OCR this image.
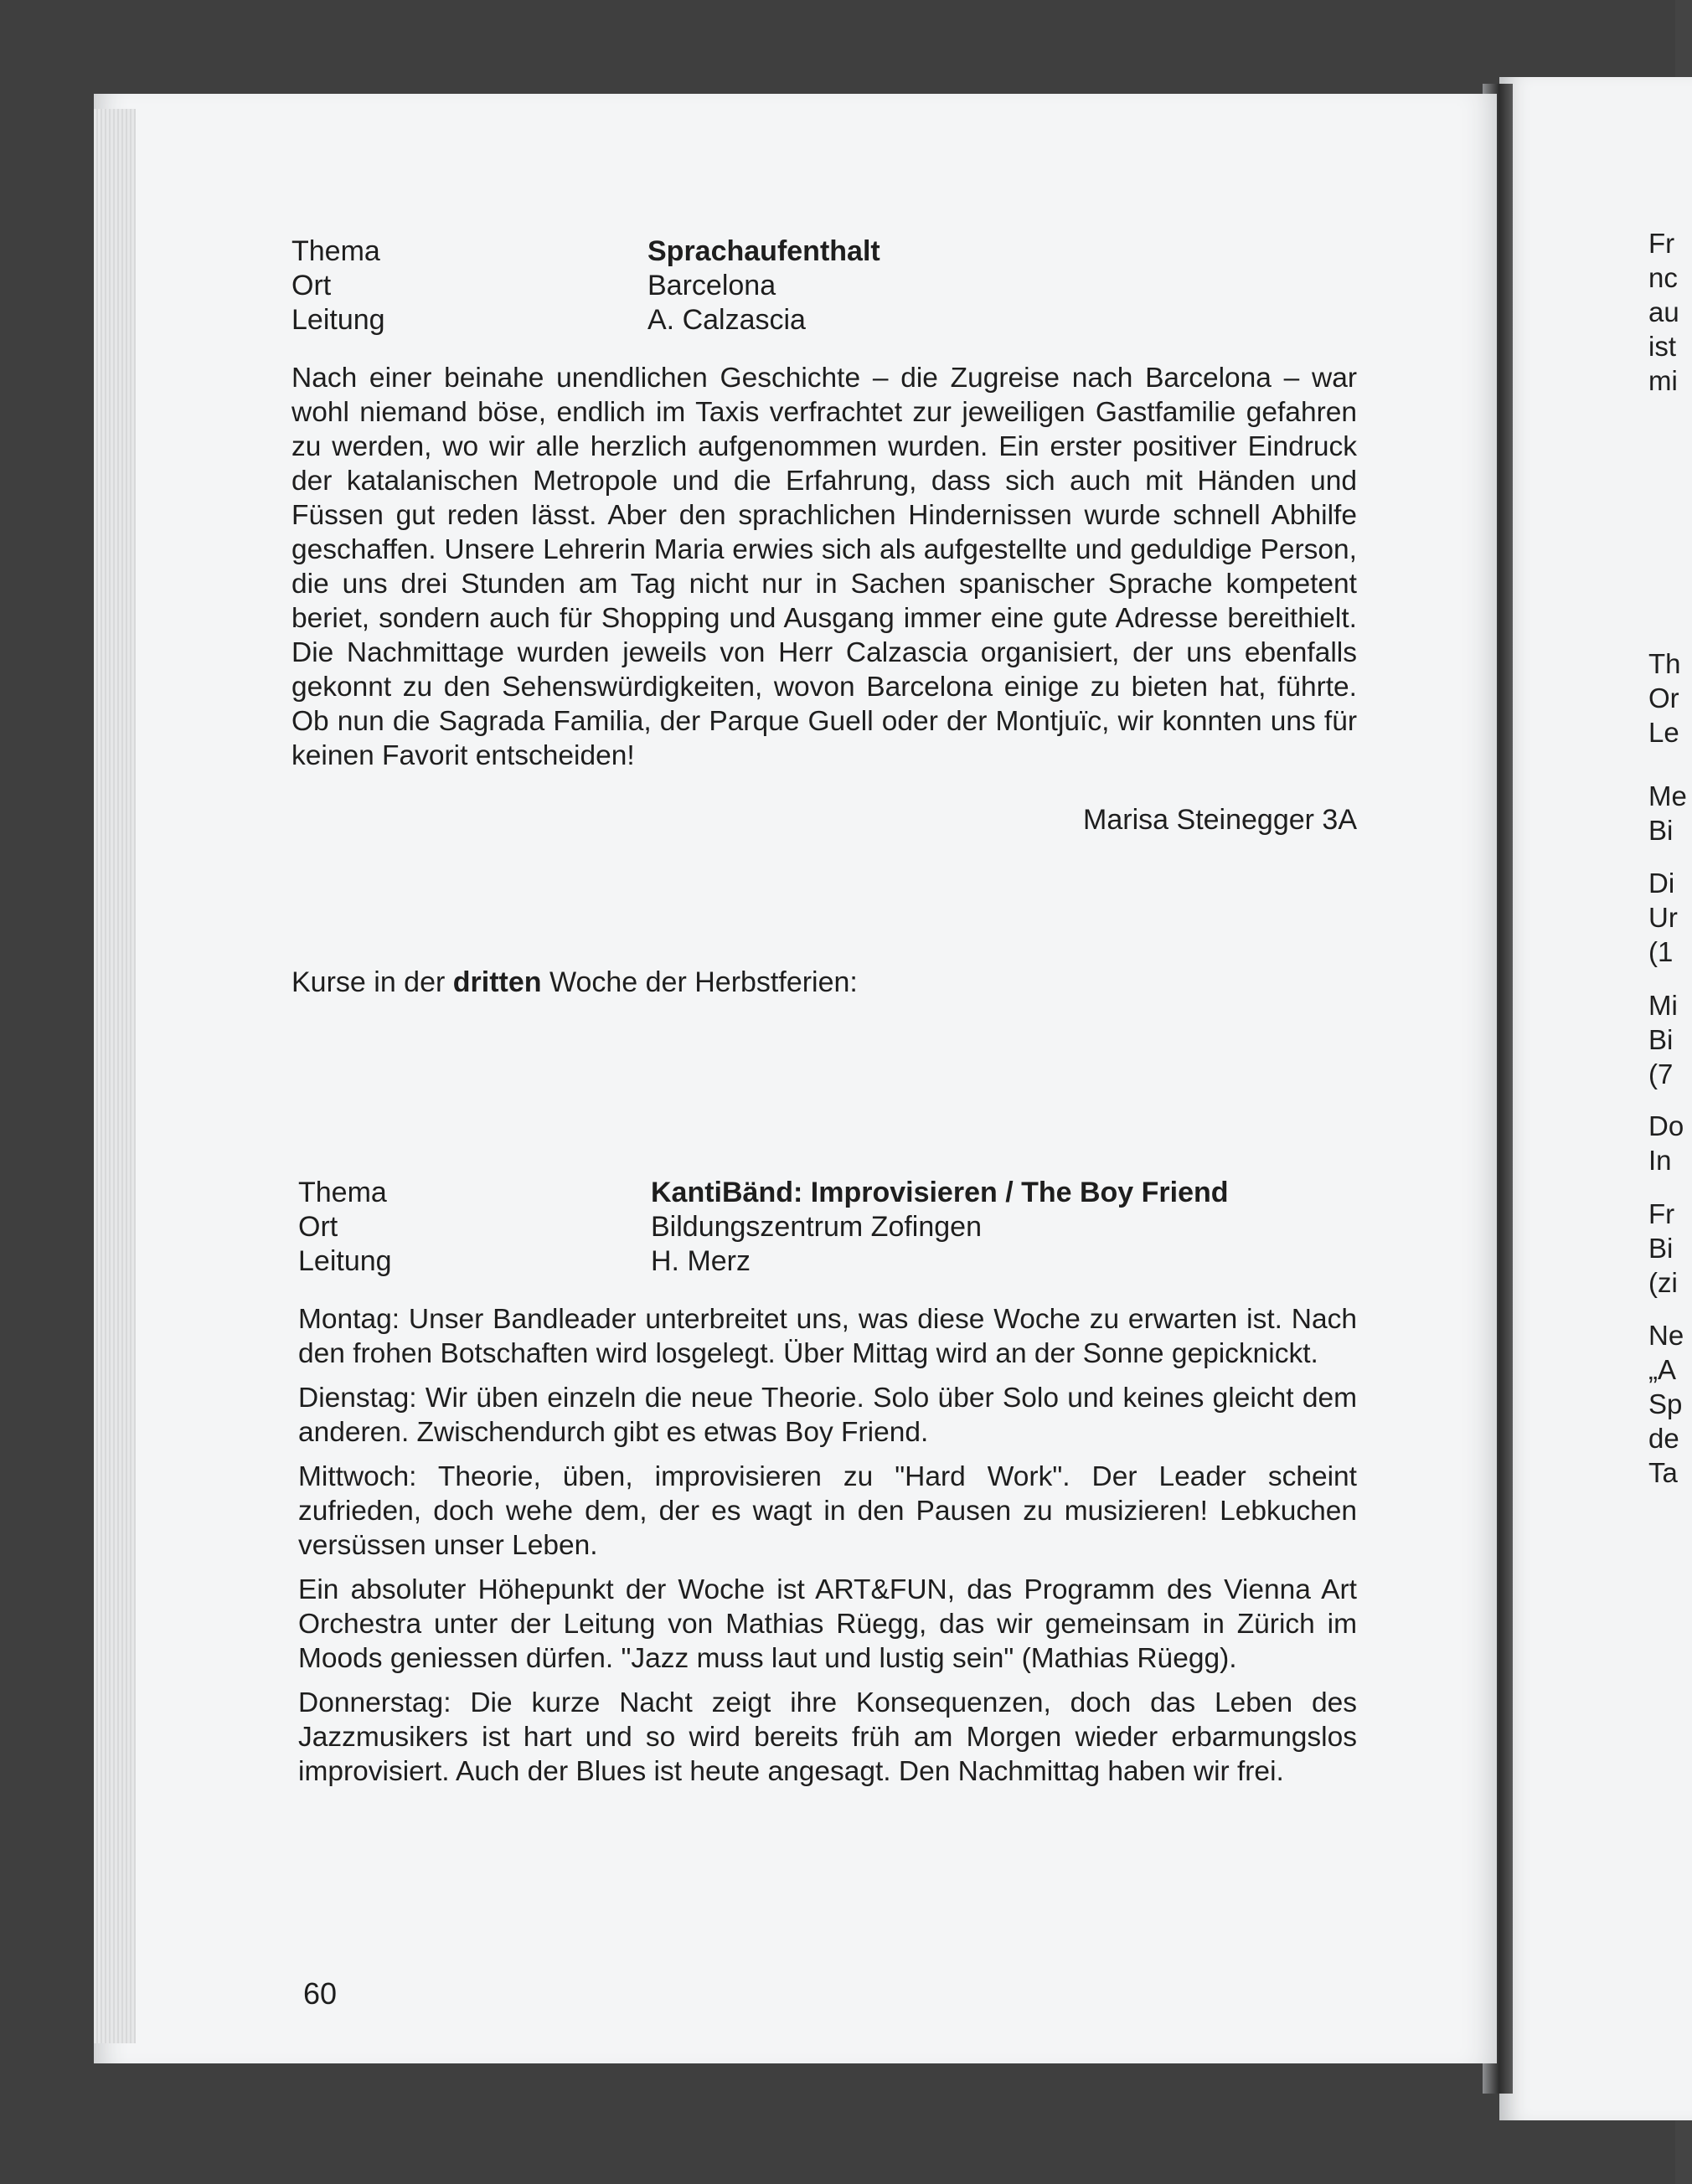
Fr
nc
au
ist
mi
Th
Or
Le
Me
Bi
Di
Ur
(1
Mi
Bi
(7
Do
In
Fr
Bi
(zi
Ne
„A
Sp
de
Ta
Thema	Sprachaufenthalt
Ort	Barcelona
Leitung	A. Calzascia

Nach einer beinahe unendlichen Geschichte – die Zugreise nach Barcelona – war wohl niemand böse, endlich im Taxis verfrachtet zur jeweiligen Gastfamilie gefahren zu werden, wo wir alle herzlich aufgenommen wurden. Ein erster positiver Eindruck der katalanischen Metropole und die Erfahrung, dass sich auch mit Händen und Füssen gut reden lässt. Aber den sprachlichen Hindernissen wurde schnell Abhilfe geschaffen. Unsere Lehrerin Maria erwies sich als aufgestellte und geduldige Person, die uns drei Stunden am Tag nicht nur in Sachen spanischer Sprache kompetent beriet, sondern auch für Shopping und Ausgang immer eine gute Adresse bereithielt. Die Nachmittage wurden jeweils von Herr Calzascia organisiert, der uns ebenfalls gekonnt zu den Sehenswürdigkeiten, wovon Barcelona einige zu bieten hat, führte. Ob nun die Sagrada Familia, der Parque Guell oder der Montjuïc, wir konnten uns für keinen Favorit entscheiden!

Marisa Steinegger 3A
Kurse in der dritten Woche der Herbstferien:
Thema	KantiBänd: Improvisieren / The Boy Friend
Ort	Bildungszentrum Zofingen
Leitung	H. Merz

Montag: Unser Bandleader unterbreitet uns, was diese Woche zu erwarten ist. Nach den frohen Botschaften wird losgelegt. Über Mittag wird an der Sonne gepicknickt.

Dienstag: Wir üben einzeln die neue Theorie. Solo über Solo und keines gleicht dem anderen. Zwischendurch gibt es etwas Boy Friend.

Mittwoch: Theorie, üben, improvisieren zu "Hard Work". Der Leader scheint zufrieden, doch wehe dem, der es wagt in den Pausen zu musizieren! Lebkuchen versüssen unser Leben.

Ein absoluter Höhepunkt der Woche ist ART&FUN, das Programm des Vienna Art Orchestra unter der Leitung von Mathias Rüegg, das wir gemeinsam in Zürich im Moods geniessen dürfen. "Jazz muss laut und lustig sein" (Mathias Rüegg).

Donnerstag: Die kurze Nacht zeigt ihre Konsequenzen, doch das Leben des Jazzmusikers ist hart und so wird bereits früh am Morgen wieder erbarmungslos improvisiert. Auch der Blues ist heute angesagt. Den Nachmittag haben wir frei.

60
